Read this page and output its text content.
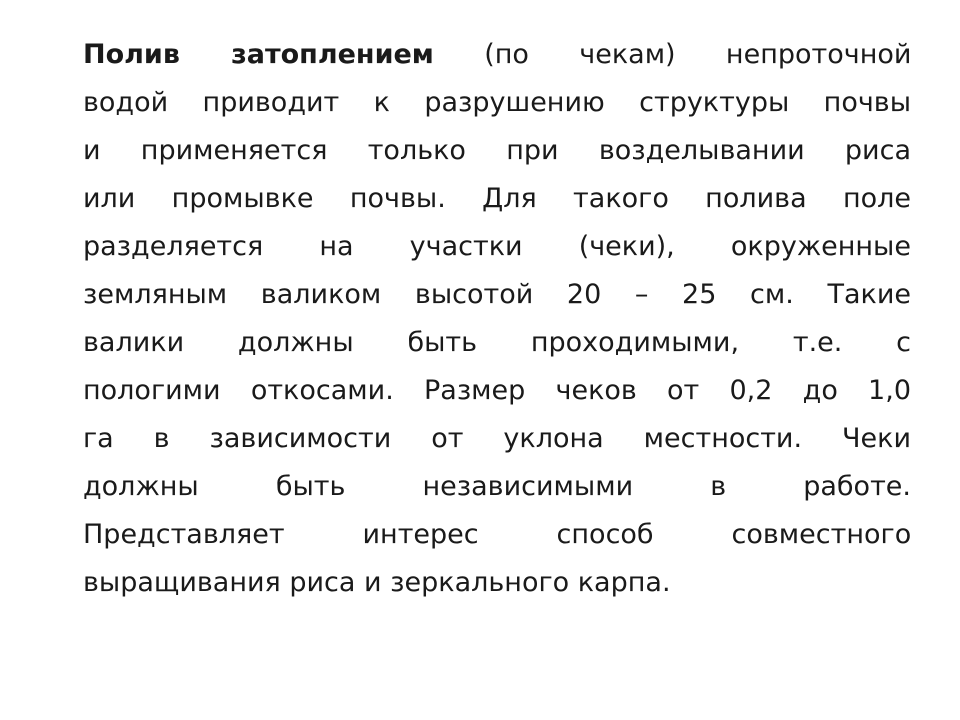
Полив затоплением (по чекам) непроточной
водой приводит к разрушению структуры почвы
и применяется только при возделывании риса
или промывке почвы. Для такого полива поле
разделяется на участки (чеки), окруженные
земляным валиком высотой 20 – 25 см. Такие
валики должны быть проходимыми, т.е. с
пологими откосами. Размер чеков от 0,2 до 1,0
га в зависимости от уклона местности. Чеки
должны быть независимыми в работе.
Представляет интерес способ совместного
выращивания риса и зеркального карпа.
